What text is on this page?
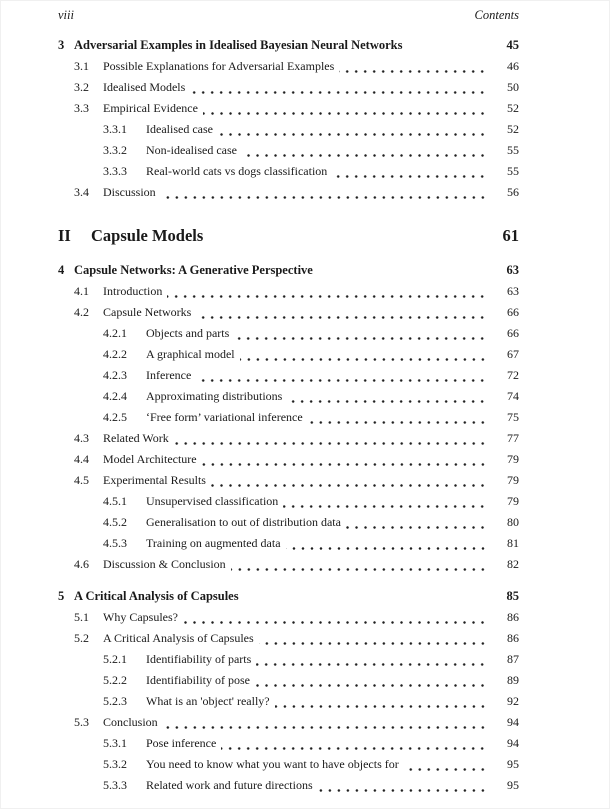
viii	Contents
3 Adversarial Examples in Idealised Bayesian Neural Networks	45
3.1	Possible Explanations for Adversarial Examples	46
3.2	Idealised Models	50
3.3	Empirical Evidence	52
3.3.1	Idealised case	52
3.3.2	Non-idealised case	55
3.3.3	Real-world cats vs dogs classification	55
3.4	Discussion	56
II	Capsule Models	61
4 Capsule Networks: A Generative Perspective	63
4.1	Introduction	63
4.2	Capsule Networks	66
4.2.1	Objects and parts	66
4.2.2	A graphical model	67
4.2.3	Inference	72
4.2.4	Approximating distributions	74
4.2.5	‘Free form’ variational inference	75
4.3	Related Work	77
4.4	Model Architecture	79
4.5	Experimental Results	79
4.5.1	Unsupervised classification	79
4.5.2	Generalisation to out of distribution data	80
4.5.3	Training on augmented data	81
4.6	Discussion & Conclusion	82
5 A Critical Analysis of Capsules	85
5.1	Why Capsules?	86
5.2	A Critical Analysis of Capsules	86
5.2.1	Identifiability of parts	87
5.2.2	Identifiability of pose	89
5.2.3	What is an 'object' really?	92
5.3	Conclusion	94
5.3.1	Pose inference	94
5.3.2	You need to know what you want to have objects for	95
5.3.3	Related work and future directions	95
